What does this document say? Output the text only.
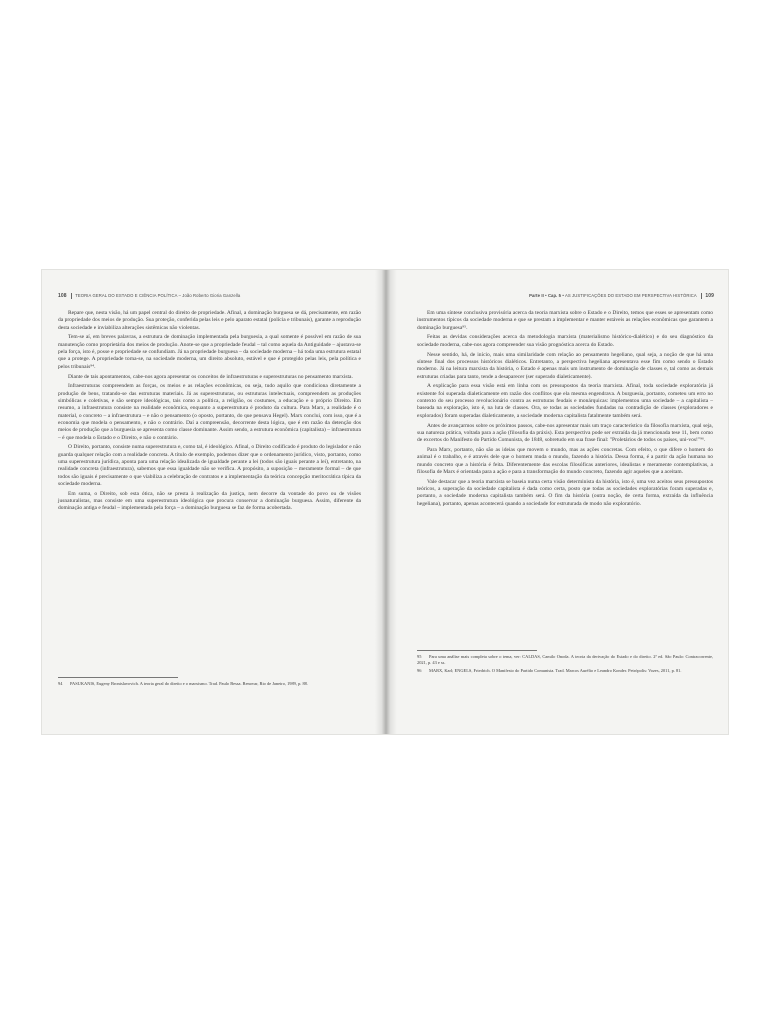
108 TEORIA GERAL DO ESTADO E CIÊNCIA POLÍTICA – João Roberto Gioria Ganzella

Repare que, nesta visão, há um papel central do direito de propriedade. Afinal, a dominação burguesa se dá, precisamente, em razão da propriedade dos meios de produção. Sua proteção, conferida pelas leis e pelo aparato estatal (polícia e tribunais), garante a reprodução desta sociedade e inviabiliza alterações sistêmicas não violentas.

Tem-se aí, em breves palavras, a estrutura de dominação implementada pela burguesia, a qual somente é possível em razão de sua manutenção como proprietária dos meios de produção. Anote-se que a propriedade feudal – tal como aquela da Antiguidade – ajustava-se pela força, isto é, posse e propriedade se confundiam. Já na propriedade burguesa – da sociedade moderna – há toda uma estrutura estatal que a protege. A propriedade torna-se, na sociedade moderna, um direito absoluto, estável e que é protegido pelas leis, pela política e pelos tribunais⁹⁴.

Diante de tais apontamentos, cabe-nos agora apresentar os conceitos de infraestruturas e superestruturas no pensamento marxista.

Infraestruturas compreendem as forças, os meios e as relações econômicas, ou seja, tudo aquilo que condiciona diretamente a produção de bens, tratando-se das estruturas materiais. Já as superestruturas, ou estruturas intelectuais, compreendem as produções simbólicas e coletivas, e são sempre ideológicas, tais como a política, a religião, os costumes, a educação e o próprio Direito. Em resumo, a infraestrutura consiste na realidade econômica, enquanto a superestrutura é produto da cultura. Para Marx, a realidade é o material, o concreto – a infraestrutura – e não o pensamento (o oposto, portanto, do que pensava Hegel). Marx conclui, com isso, que é a economia que modela o pensamento, e não o contrário. Daí a compreensão, decorrente desta lógica, que é em razão da detenção dos meios de produção que a burguesia se apresenta como classe dominante. Assim sendo, a estrutura econômica (capitalista) – infraestrutura – é que modela o Estado e o Direito, e não o contrário.

O Direito, portanto, consiste numa superestrutura e, como tal, é ideológico. Afinal, o Direito codificado é produto do legislador e não guarda qualquer relação com a realidade concreta. A título de exemplo, podemos dizer que o ordenamento jurídico, visto, portanto, como uma superestrutura jurídica, aponta para uma relação idealizada de igualdade perante a lei (todos são iguais perante a lei), entretanto, na realidade concreta (infraestrutura), sabemos que essa igualdade não se verifica. A propósito, a suposição – meramente formal – de que todos são iguais é precisamente o que viabiliza a celebração de contratos e a implementação da teórica concepção meritocrática típica da sociedade moderna.

Em suma, o Direito, sob esta ótica, não se presta à realização da justiça, nem decorre da vontade do povo ou de visões jusnaturalistas, mas consiste em uma superestrutura ideológica que procura conservar a dominação burguesa. Assim, diferente da dominação antiga e feudal – implementada pela força – a dominação burguesa se faz de forma acobertada.

94 PASUKANIS, Eugeny Bronislavovich. A teoria geral do direito e o marxismo. Trad. Paulo Bessa. Renovar, Rio de Janeiro, 1989, p. 88.

Parte II • Cap. 5 • AS JUSTIFICAÇÕES DO ESTADO EM PERSPECTIVA HISTÓRICA 109

Em uma síntese conclusiva provisória acerca da teoria marxista sobre o Estado e o Direito, temos que esses se apresentam como instrumentos típicos da sociedade moderna e que se prestam a implementar e manter estáveis as relações econômicas que garantem a dominação burguesa⁹⁵.

Feitas as devidas considerações acerca da metodologia marxista (materialismo histórico-dialético) e do seu diagnóstico da sociedade moderna, cabe-nos agora compreender sua visão prognóstica acerca do Estado.

Nesse sentido, há, de início, mais uma similaridade com relação ao pensamento hegeliano, qual seja, a noção de que há uma síntese final dos processos históricos dialéticos. Entretanto, a perspectiva hegeliana apresentava esse fim como sendo o Estado moderno. Já na leitura marxista da história, o Estado é apenas mais um instrumento de dominação de classes e, tal como as demais estruturas criadas para tanto, tende a desaparecer (ser superado dialeticamente).

A explicação para essa visão está em linha com os pressupostos da teoria marxista. Afinal, toda sociedade exploratória já existente foi superada dialeticamente em razão dos conflitos que ela mesma engendrava. A burguesia, portanto, cometeu um erro no contexto do seu processo revolucionário contra as estruturas feudais e monárquicas: implementou uma sociedade – a capitalista – baseada na exploração, isto é, na luta de classes. Ora, se todas as sociedades fundadas na contradição de classes (exploradores e explorados) foram superadas dialeticamente, a sociedade moderna capitalista fatalmente também será.

Antes de avançarmos sobre os próximos passos, cabe-nos apresentar mais um traço característico da filosofia marxista, qual seja, sua natureza prática, voltada para a ação (filosofia da práxis). Esta perspectiva pode ser extraída da já mencionada tese 11, bem como de excertos do Manifesto do Partido Comunista, de 1848, sobretudo em sua frase final: "Proletários de todos os países, uni-vos!"⁹⁶.

Para Marx, portanto, não são as ideias que movem o mundo, mas as ações concretas. Com efeito, o que difere o homem do animal é o trabalho, e é através dele que o homem muda o mundo, fazendo a história. Dessa forma, é a partir da ação humana no mundo concreto que a história é feita. Diferentemente das escolas filosóficas anteriores, idealistas e meramente contemplativas, a filosofia de Marx é orientada para a ação e para a transformação do mundo concreto, fazendo agir aqueles que a aceitam.

Vale destacar que a teoria marxista se baseia numa certa visão determinista da história, isto é, uma vez aceitos seus pressupostos teóricos, a superação da sociedade capitalista é dada como certa, posto que todas as sociedades exploratórias foram superadas e, portanto, a sociedade moderna capitalista também será. O fim da história (outra noção, de certa forma, extraída da influência hegeliana), portanto, apenas acontecerá quando a sociedade for estruturada de modo não exploratório.

95 Para uma análise mais completa sobre o tema, ver: CALDAS, Camilo Onoda. A teoria da derivação do Estado e do direito. 2ª ed. São Paulo: Contracorrente, 2021, p. 43 e ss.

96 MARX, Karl; ENGELS, Friedrich. O Manifesto do Partido Comunista. Trad. Marcos Aurélio e Leandro Konder. Petrópolis: Vozes, 2011, p. 81.
